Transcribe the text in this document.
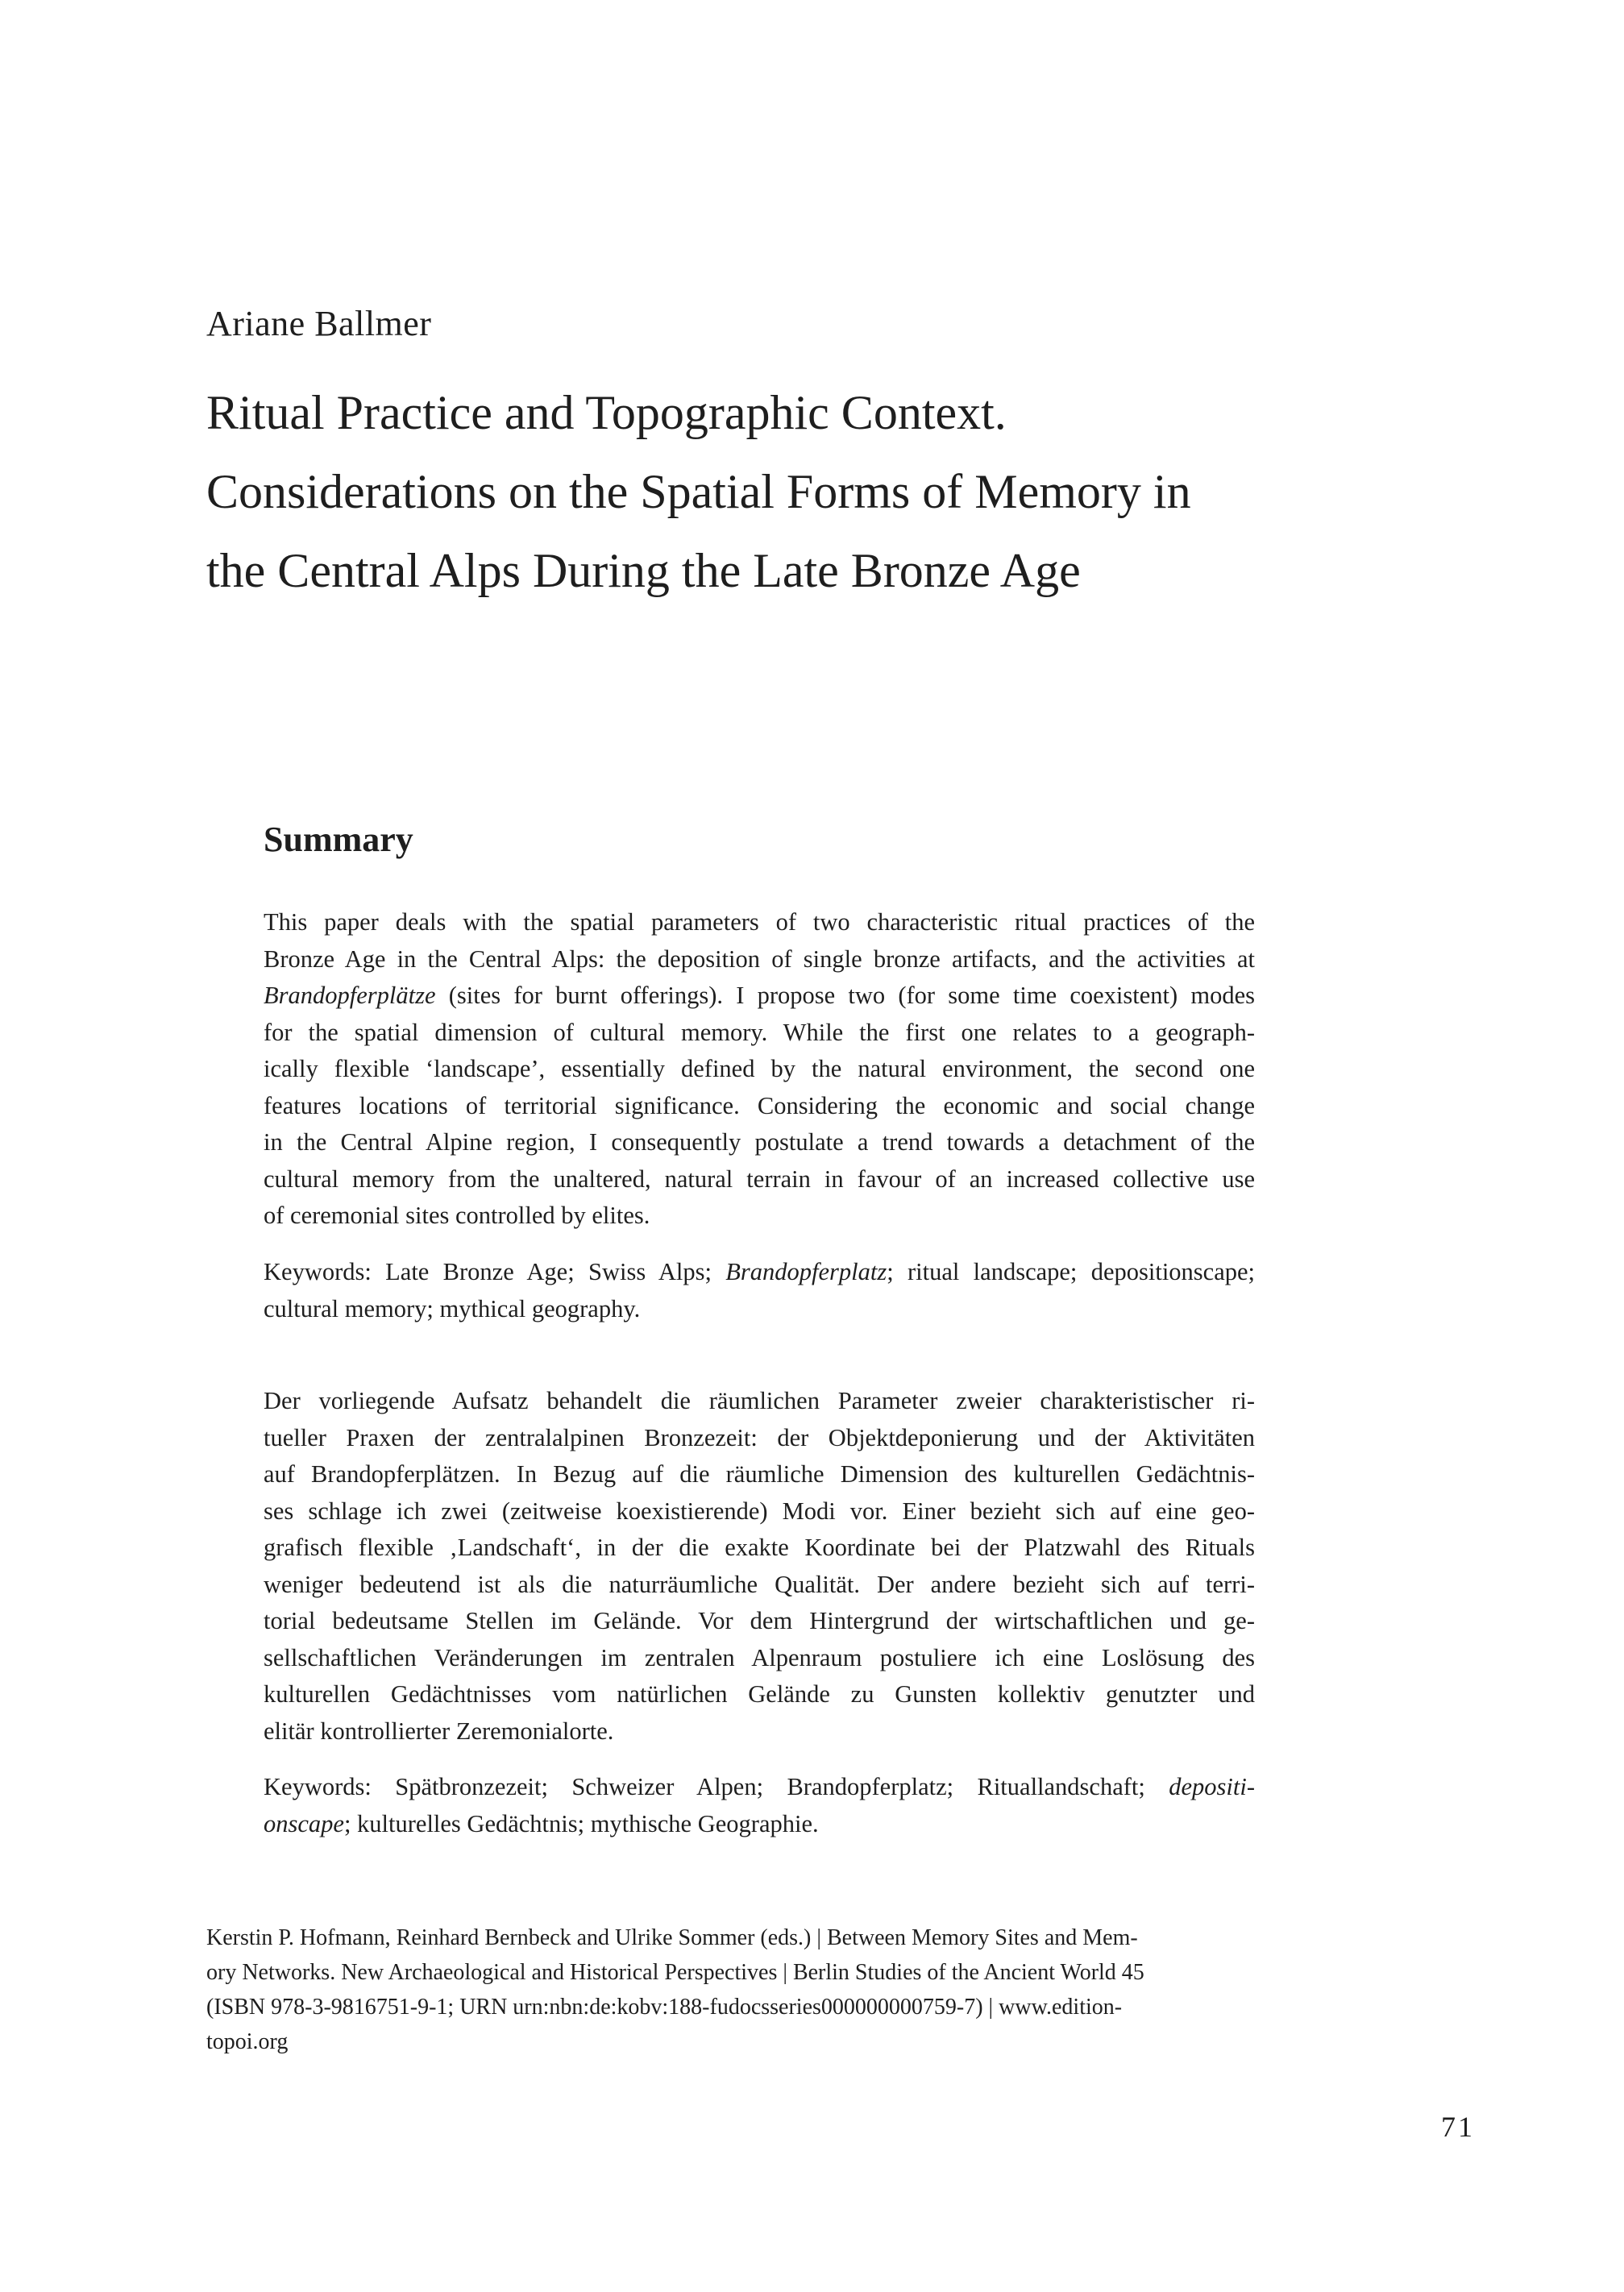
Ariane Ballmer
Ritual Practice and Topographic Context.
Considerations on the Spatial Forms of Memory in
the Central Alps During the Late Bronze Age
Summary
This paper deals with the spatial parameters of two characteristic ritual practices of the
Bronze Age in the Central Alps: the deposition of single bronze artifacts, and the activities at
Brandopferplätze (sites for burnt offerings). I propose two (for some time coexistent) modes
for the spatial dimension of cultural memory. While the first one relates to a geograph-
ically flexible ‘landscape’, essentially defined by the natural environment, the second one
features locations of territorial significance. Considering the economic and social change
in the Central Alpine region, I consequently postulate a trend towards a detachment of the
cultural memory from the unaltered, natural terrain in favour of an increased collective use
of ceremonial sites controlled by elites.
Keywords: Late Bronze Age; Swiss Alps; Brandopferplatz; ritual landscape; depositionscape;
cultural memory; mythical geography.
Der vorliegende Aufsatz behandelt die räumlichen Parameter zweier charakteristischer ri-
tueller Praxen der zentralalpinen Bronzezeit: der Objektdeponierung und der Aktivitäten
auf Brandopferplätzen. In Bezug auf die räumliche Dimension des kulturellen Gedächtnis-
ses schlage ich zwei (zeitweise koexistierende) Modi vor. Einer bezieht sich auf eine geo-
grafisch flexible ‚Landschaft‘, in der die exakte Koordinate bei der Platzwahl des Rituals
weniger bedeutend ist als die naturräumliche Qualität. Der andere bezieht sich auf terri-
torial bedeutsame Stellen im Gelände. Vor dem Hintergrund der wirtschaftlichen und ge-
sellschaftlichen Veränderungen im zentralen Alpenraum postuliere ich eine Loslösung des
kulturellen Gedächtnisses vom natürlichen Gelände zu Gunsten kollektiv genutzter und
elitär kontrollierter Zeremonialorte.
Keywords: Spätbronzezeit; Schweizer Alpen; Brandopferplatz; Rituallandschaft; depositi-
onscape; kulturelles Gedächtnis; mythische Geographie.
Kerstin P. Hofmann, Reinhard Bernbeck and Ulrike Sommer (eds.) | Between Memory Sites and Mem-
ory Networks. New Archaeological and Historical Perspectives | Berlin Studies of the Ancient World 45
(ISBN 978-3-9816751-9-1; URN urn:nbn:de:kobv:188-fudocsseries000000000759-7) | www.edition-
topoi.org
71
